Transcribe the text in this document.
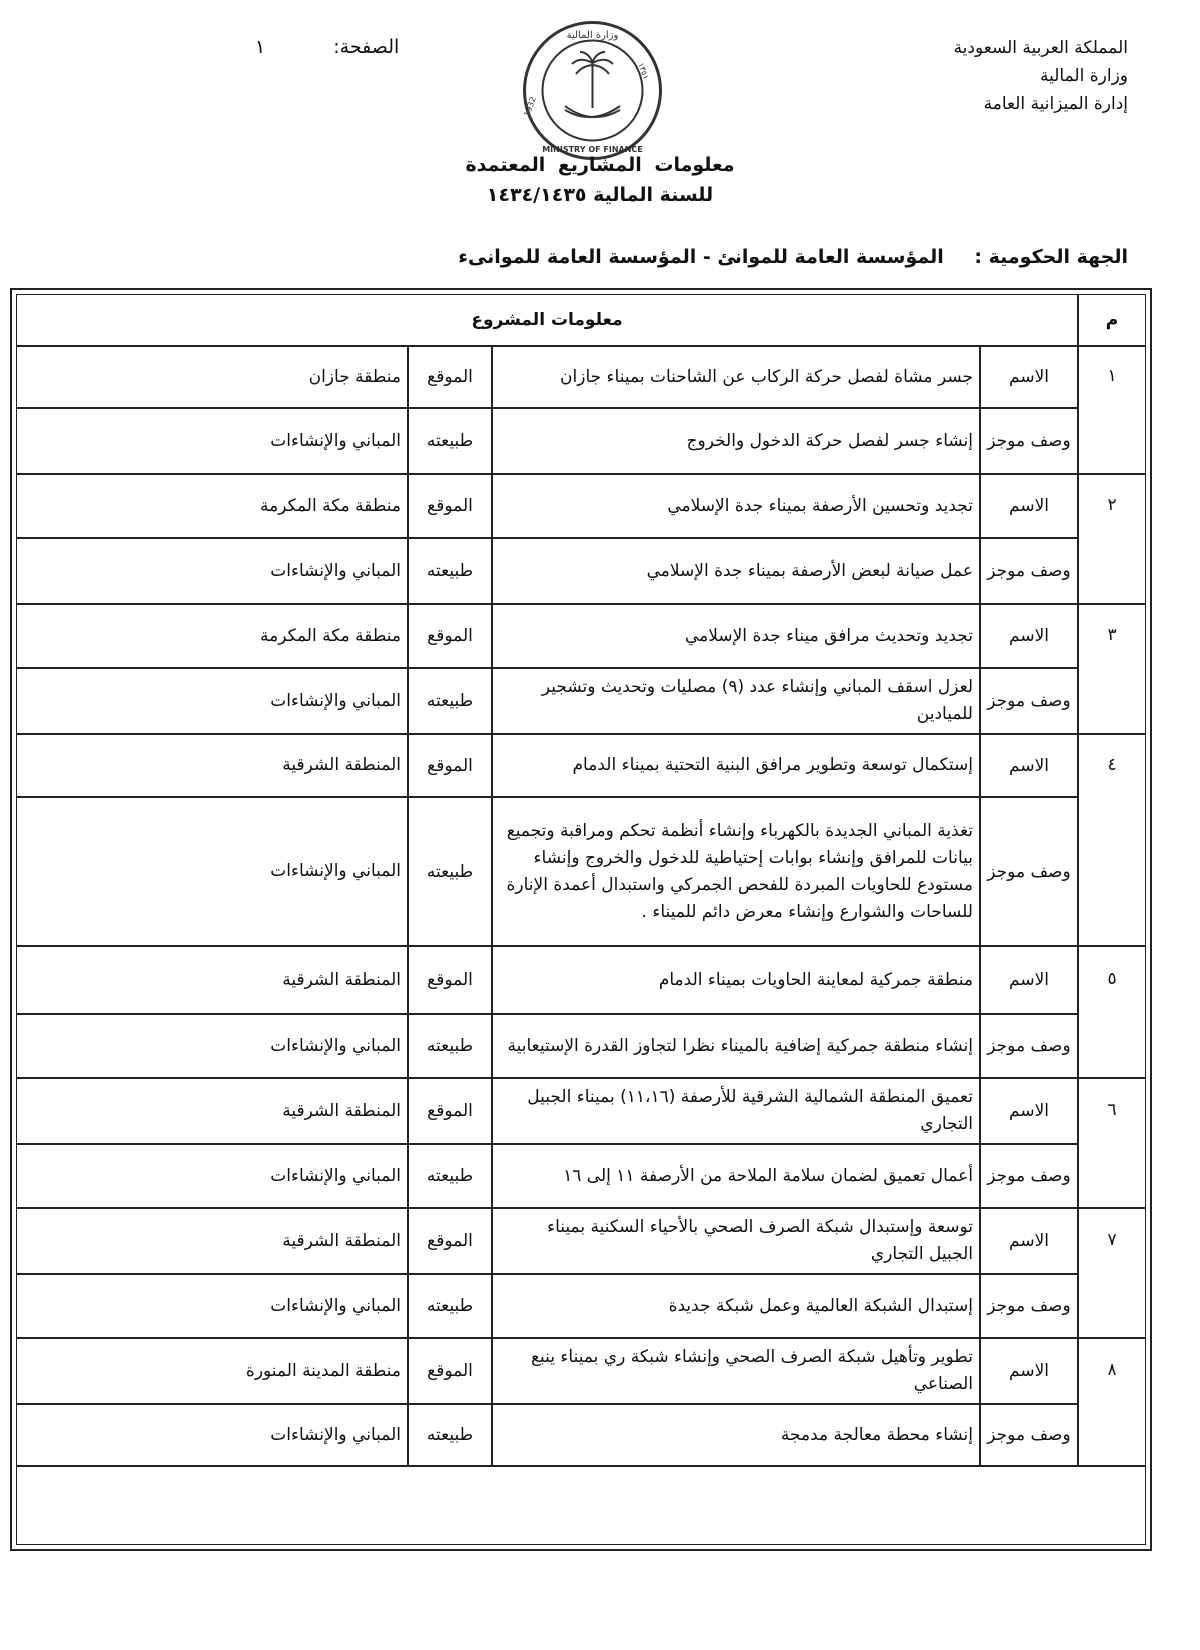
المملكة العربية السعودية
وزارة المالية
إدارة الميزانية العامة
الصفحة: ١
وزارة المالية
1932
١٣٥١
MINISTRY OF FINANCE
معلومات المشاريع المعتمدة
للسنة المالية ١٤٣٤/١٤٣٥
الجهة الحكومية : المؤسسة العامة للموانئ - المؤسسة العامة للموانىء
م
معلومات المشروع
١
الاسم
جسر مشاة لفصل حركة الركاب عن الشاحنات بميناء جازان
الموقع
منطقة جازان
وصف موجز
إنشاء جسر لفصل حركة الدخول والخروج
طبيعته
المباني والإنشاءات
٢
الاسم
تجديد وتحسين الأرصفة بميناء جدة الإسلامي
الموقع
منطقة مكة المكرمة
وصف موجز
عمل صيانة لبعض الأرصفة بميناء جدة الإسلامي
طبيعته
المباني والإنشاءات
٣
الاسم
تجديد وتحديث مرافق ميناء جدة الإسلامي
الموقع
منطقة مكة المكرمة
وصف موجز
لعزل اسقف المباني وإنشاء عدد (٩) مصليات وتحديث وتشجير للميادين
طبيعته
المباني والإنشاءات
٤
الاسم
إستكمال توسعة وتطوير مرافق البنية التحتية بميناء الدمام
الموقع
المنطقة الشرقية
وصف موجز
تغذية المباني الجديدة بالكهرباء وإنشاء أنظمة تحكم ومراقبة وتجميع بيانات للمرافق وإنشاء بوابات إحتياطية للدخول والخروج وإنشاء مستودع للحاويات المبردة للفحص الجمركي واستبدال أعمدة الإنارة للساحات والشوارع وإنشاء معرض دائم للميناء .
طبيعته
المباني والإنشاءات
٥
الاسم
منطقة جمركية لمعاينة الحاويات بميناء الدمام
الموقع
المنطقة الشرقية
وصف موجز
إنشاء منطقة جمركية إضافية بالميناء نظرا لتجاوز القدرة الإستيعابية
طبيعته
المباني والإنشاءات
٦
الاسم
تعميق المنطقة الشمالية الشرقية للأرصفة (١١،١٦) بميناء الجبيل التجاري
الموقع
المنطقة الشرقية
وصف موجز
أعمال تعميق لضمان سلامة الملاحة من الأرصفة ١١ إلى ١٦
طبيعته
المباني والإنشاءات
٧
الاسم
توسعة وإستبدال شبكة الصرف الصحي بالأحياء السكنية بميناء الجبيل التجاري
الموقع
المنطقة الشرقية
وصف موجز
إستبدال الشبكة العالمية وعمل شبكة جديدة
طبيعته
المباني والإنشاءات
٨
الاسم
تطوير وتأهيل شبكة الصرف الصحي وإنشاء شبكة ري بميناء ينبع الصناعي
الموقع
منطقة المدينة المنورة
وصف موجز
إنشاء محطة معالجة مدمجة
طبيعته
المباني والإنشاءات
